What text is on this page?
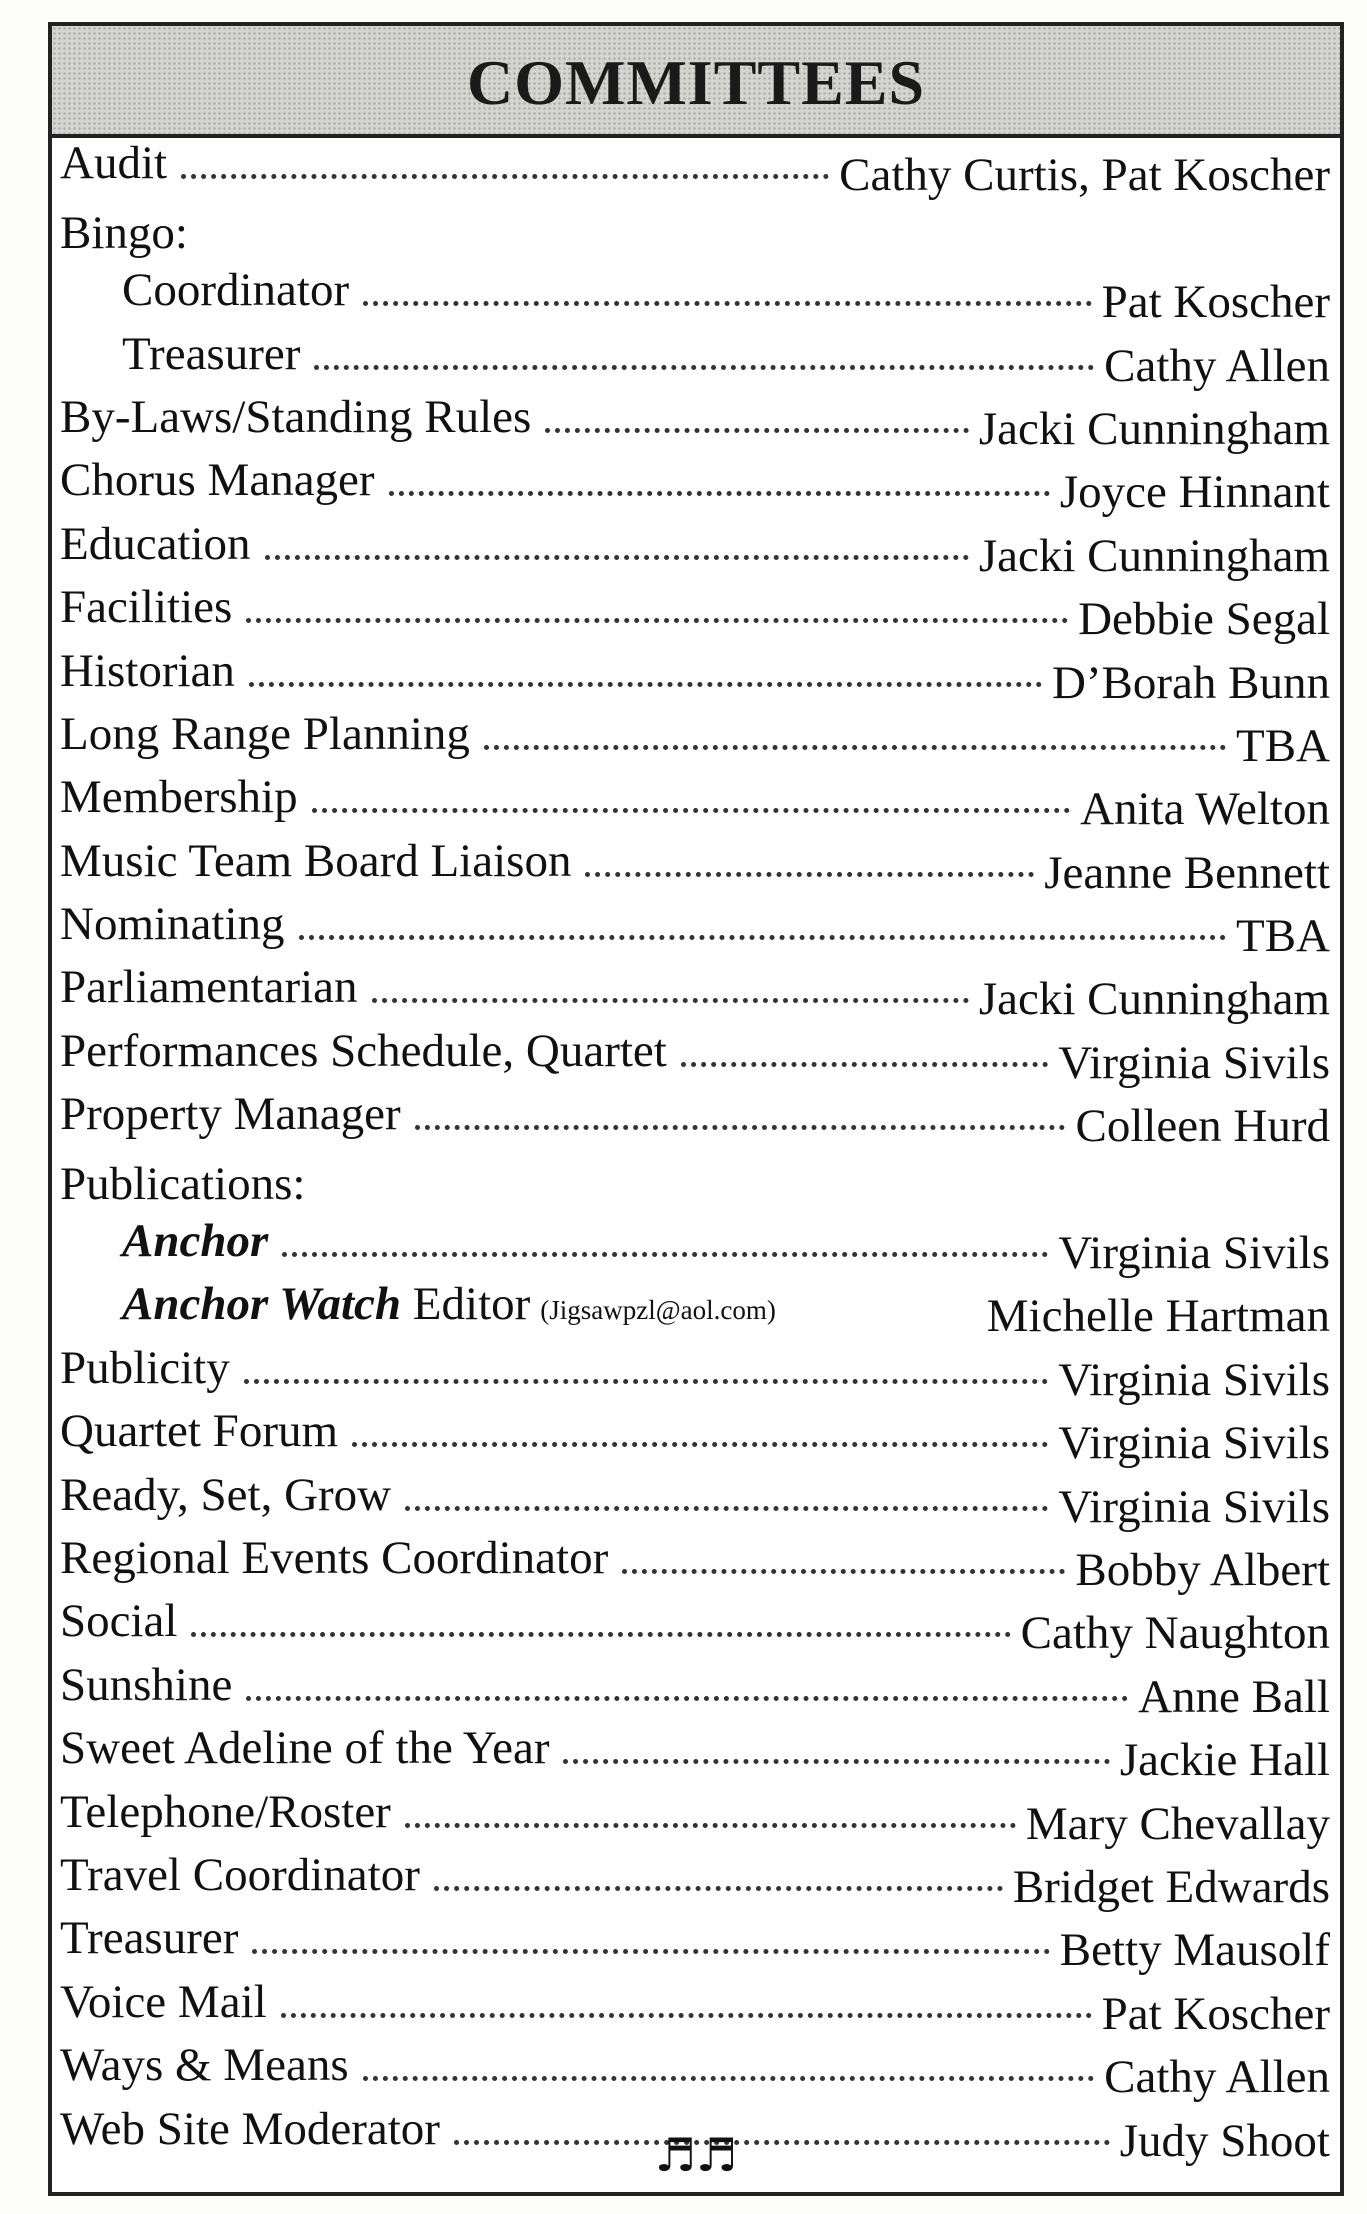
COMMITTEES
Audit	Cathy Curtis, Pat Koscher
Bingo:
Coordinator	Pat Koscher
Treasurer	Cathy Allen
By-Laws/Standing Rules	Jacki Cunningham
Chorus Manager	Joyce Hinnant
Education	Jacki Cunningham
Facilities	Debbie Segal
Historian	D’Borah Bunn
Long Range Planning	TBA
Membership	Anita Welton
Music Team Board Liaison	Jeanne Bennett
Nominating	TBA
Parliamentarian	Jacki Cunningham
Performances Schedule, Quartet	Virginia Sivils
Property Manager	Colleen Hurd
Publications:
Anchor	Virginia Sivils
Anchor Watch Editor (Jigsawpzl@aol.com)	Michelle Hartman
Publicity	Virginia Sivils
Quartet Forum	Virginia Sivils
Ready, Set, Grow	Virginia Sivils
Regional Events Coordinator	Bobby Albert
Social	Cathy Naughton
Sunshine	Anne Ball
Sweet Adeline of the Year	Jackie Hall
Telephone/Roster	Mary Chevallay
Travel Coordinator	Bridget Edwards
Treasurer	Betty Mausolf
Voice Mail	Pat Koscher
Ways & Means	Cathy Allen
Web Site Moderator	Judy Shoot
♬♬
